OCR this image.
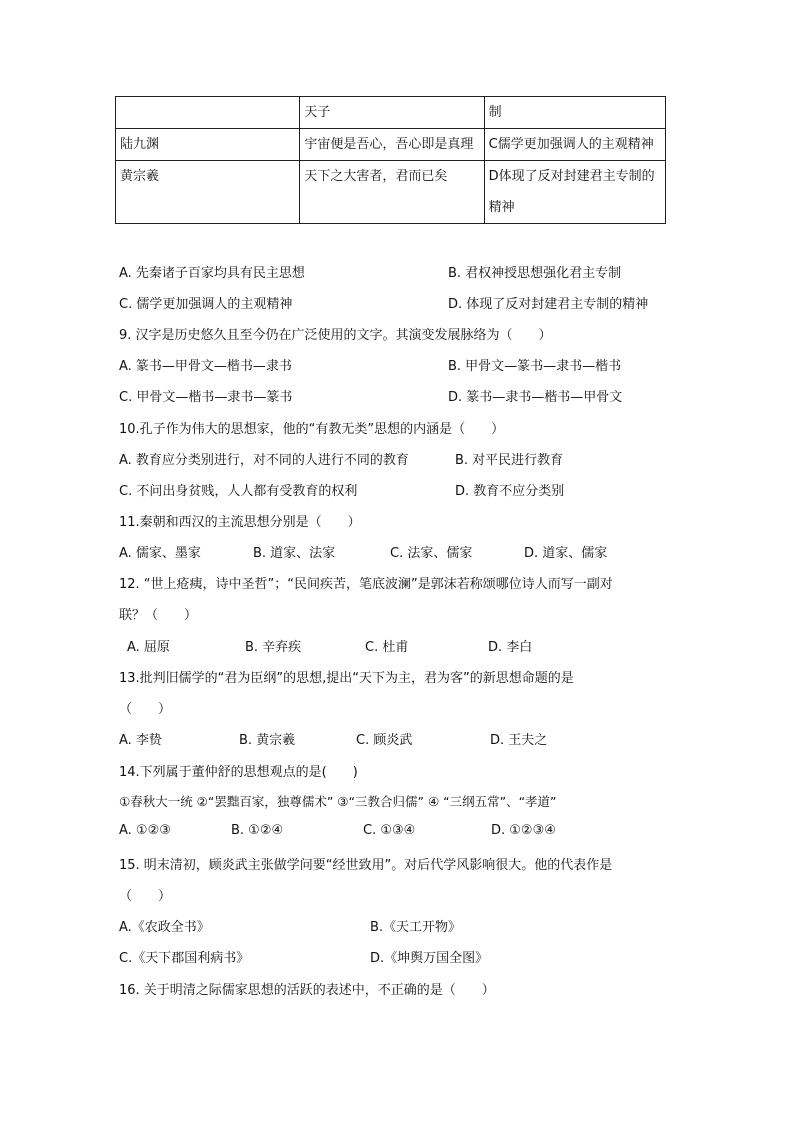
	天子	制
陆九渊	宇宙便是吾心，吾心即是真理	C儒学更加强调人的主观精神
黄宗羲	天下之大害者，君而已矣	D体现了反对封建君主专制的精神
A. 先秦诸子百家均具有民主思想	B. 君权神授思想强化君主专制
C. 儒学更加强调人的主观精神	D. 体现了反对封建君主专制的精神
9. 汉字是历史悠久且至今仍在广泛使用的文字。其演变发展脉络为（　　）
A. 篆书—甲骨文—楷书—隶书	B. 甲骨文—篆书—隶书—楷书
C. 甲骨文—楷书—隶书—篆书	D. 篆书—隶书—楷书—甲骨文
10.孔子作为伟大的思想家，他的“有教无类”思想的内涵是（　　）
A. 教育应分类别进行，对不同的人进行不同的教育	B. 对平民进行教育
C. 不问出身贫贱，人人都有受教育的权利	D. 教育不应分类别
11.秦朝和西汉的主流思想分别是（　　）
A. 儒家、墨家	B. 道家、法家	C. 法家、儒家	D. 道家、儒家
12. “世上疮痍，诗中圣哲”；“民间疾苦，笔底波澜”是郭沫若称颂哪位诗人而写一副对
联？（　　）
A. 屈原	B. 辛弃疾	C. 杜甫	D. 李白
13.批判旧儒学的“君为臣纲”的思想,提出“天下为主，君为客”的新思想命题的是
（　　）
A. 李贽	B. 黄宗羲	C. 顾炎武	D. 王夫之
14.下列属于董仲舒的思想观点的是(　　)
①春秋大一统 ②“罢黜百家，独尊儒术” ③“三教合归儒” ④ “三纲五常”、“孝道”
A. ①②③	B. ①②④	C. ①③④	D. ①②③④
15. 明末清初，顾炎武主张做学问要“经世致用”。对后代学风影响很大。他的代表作是
（　　）
A.《农政全书》	B.《天工开物》
C.《天下郡国利病书》	D.《坤舆万国全图》
16. 关于明清之际儒家思想的活跃的表述中，不正确的是（　　）
